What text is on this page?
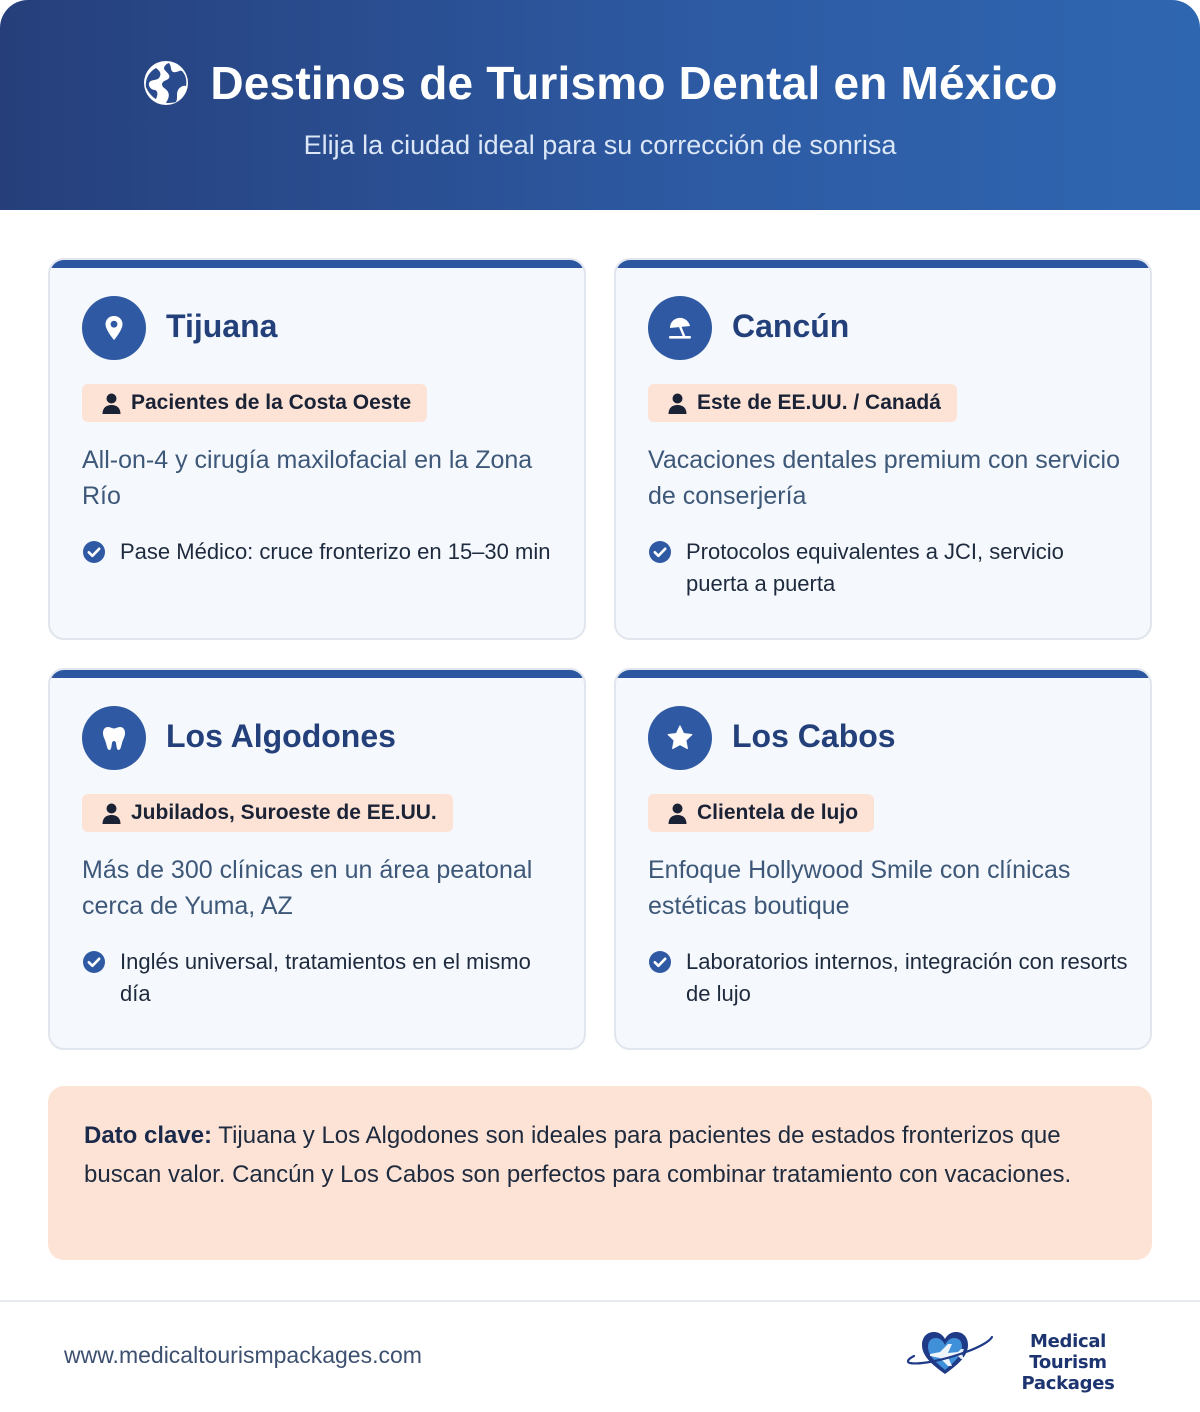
Destinos de Turismo Dental en México
Elija la ciudad ideal para su corrección de sonrisa
Tijuana
Pacientes de la Costa Oeste
All-on-4 y cirugía maxilofacial en la Zona Río
Pase Médico: cruce fronterizo en 15–30 min
Cancún
Este de EE.UU. / Canadá
Vacaciones dentales premium con servicio de conserjería
Protocolos equivalentes a JCI, servicio puerta a puerta
Los Algodones
Jubilados, Suroeste de EE.UU.
Más de 300 clínicas en un área peatonal cerca de Yuma, AZ
Inglés universal, tratamientos en el mismo día
Los Cabos
Clientela de lujo
Enfoque Hollywood Smile con clínicas estéticas boutique
Laboratorios internos, integración con resorts de lujo
Dato clave: Tijuana y Los Algodones son ideales para pacientes de estados fronterizos que buscan valor. Cancún y Los Cabos son perfectos para combinar tratamiento con vacaciones.
www.medicaltourismpackages.com
Medical Tourism
Packages
